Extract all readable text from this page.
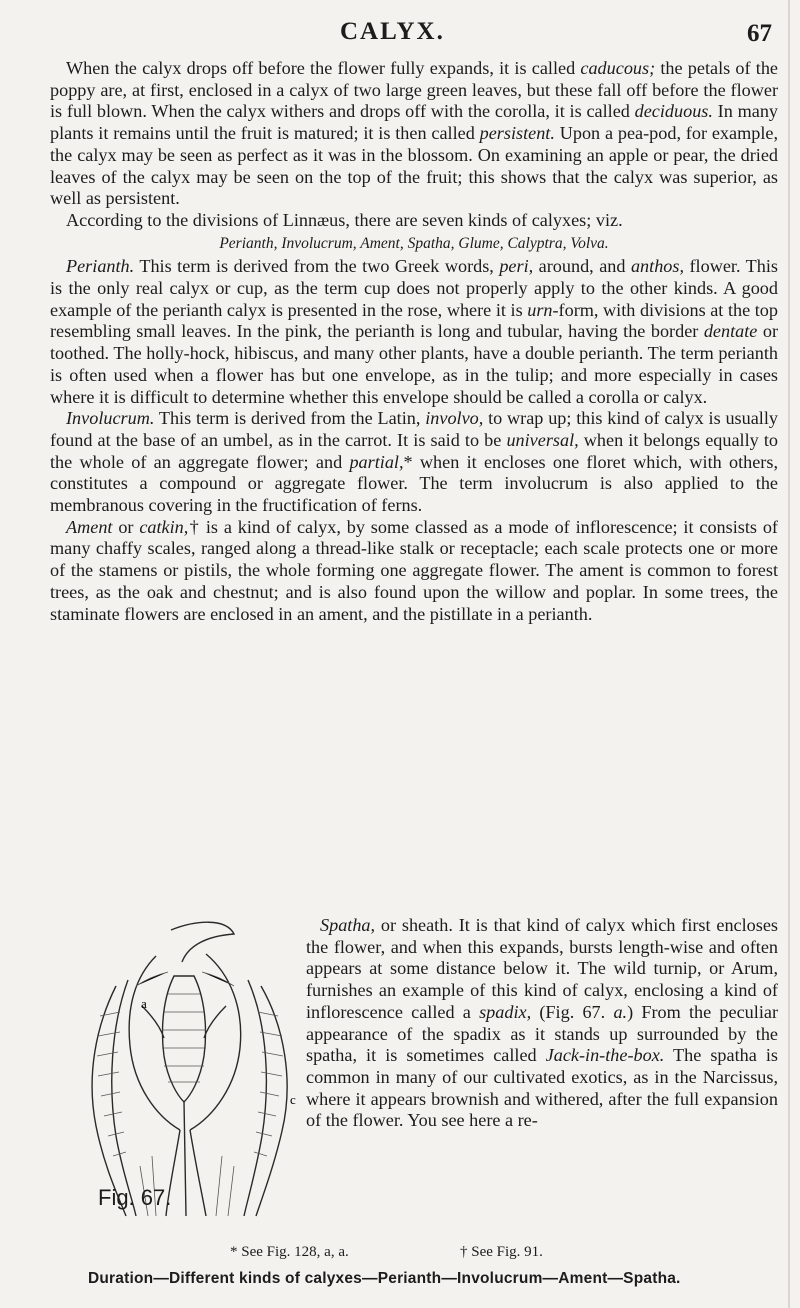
CALYX.	67

When the calyx drops off before the flower fully expands, it is called caducous; the petals of the poppy are, at first, enclosed in a calyx of two large green leaves, but these fall off before the flower is full blown. When the calyx withers and drops off with the corolla, it is called deciduous. In many plants it remains until the fruit is matured; it is then called persistent. Upon a pea-pod, for example, the calyx may be seen as perfect as it was in the blossom. On examining an apple or pear, the dried leaves of the calyx may be seen on the top of the fruit; this shows that the calyx was superior, as well as persistent.

According to the divisions of Linnæus, there are seven kinds of calyxes; viz.

Perianth, Involucrum, Ament, Spatha, Glume, Calyptra, Volva.

Perianth. This term is derived from the two Greek words, peri, around, and anthos, flower. This is the only real calyx or cup, as the term cup does not properly apply to the other kinds. A good example of the perianth calyx is presented in the rose, where it is urn-form, with divisions at the top resembling small leaves. In the pink, the perianth is long and tubular, having the border dentate or toothed. The holly-hock, hibiscus, and many other plants, have a double perianth. The term perianth is often used when a flower has but one envelope, as in the tulip; and more especially in cases where it is difficult to determine whether this envelope should be called a corolla or calyx.

Involucrum. This term is derived from the Latin, involvo, to wrap up; this kind of calyx is usually found at the base of an umbel, as in the carrot. It is said to be universal, when it belongs equally to the whole of an aggregate flower; and partial,* when it encloses one floret which, with others, constitutes a compound or aggregate flower. The term involucrum is also applied to the membranous covering in the fructification of ferns.

Ament or catkin,† is a kind of calyx, by some classed as a mode of inflorescence; it consists of many chaffy scales, ranged along a thread-like stalk or receptacle; each scale protects one or more of the stamens or pistils, the whole forming one aggregate flower. The ament is common to forest trees, as the oak and chestnut; and is also found upon the willow and poplar. In some trees, the staminate flowers are enclosed in an ament, and the pistillate in a perianth.

a
c
Fig. 67.

Spatha, or sheath. It is that kind of calyx which first encloses the flower, and when this expands, bursts length-wise and often appears at some distance below it. The wild turnip, or Arum, furnishes an example of this kind of calyx, enclosing a kind of inflorescence called a spadix, (Fig. 67. a.) From the peculiar appearance of the spadix as it stands up surrounded by the spatha, it is sometimes called Jack-in-the-box. The spatha is common in many of our cultivated exotics, as in the Narcissus, where it appears brownish and withered, after the full expansion of the flower. You see here a re-

* See Fig. 128, a, a.	† See Fig. 91.
Duration—Different kinds of calyxes—Perianth—Involucrum—Ament—Spatha.
